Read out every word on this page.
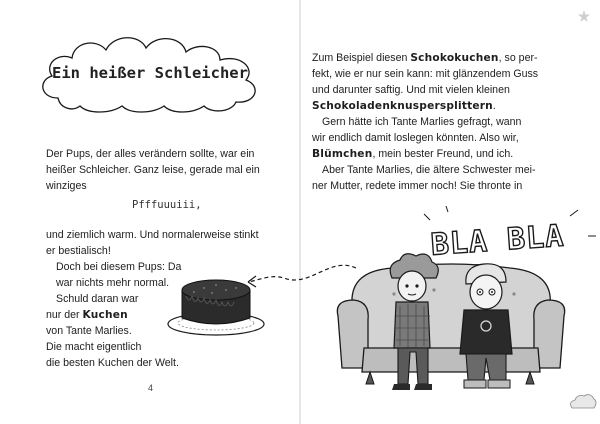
Ein heißer Schleicher

Der Pups, der alles verändern sollte, war ein
heißer Schleicher. Ganz leise, gerade mal ein
winziges

Pfffuuuiii,

und ziemlich warm. Und normalerweise stinkt
er bestialisch!

Doch bei diesem Pups: Da
war nichts mehr normal.

Schuld daran war
nur der Kuchen
von Tante Marlies.
Die macht eigentlich
die besten Kuchen der Welt.

4

Zum Beispiel diesen Schokokuchen, so per-
fekt, wie er nur sein kann: mit glänzendem Guss
und darunter saftig. Und mit vielen kleinen
Schokoladenknuspersplittern.

Gern hätte ich Tante Marlies gefragt, wann
wir endlich damit loslegen könnten. Also wir,
Blümchen, mein bester Freund, und ich.

Aber Tante Marlies, die ältere Schwester mei-
ner Mutter, redete immer noch! Sie thronte in

BLA BLA
